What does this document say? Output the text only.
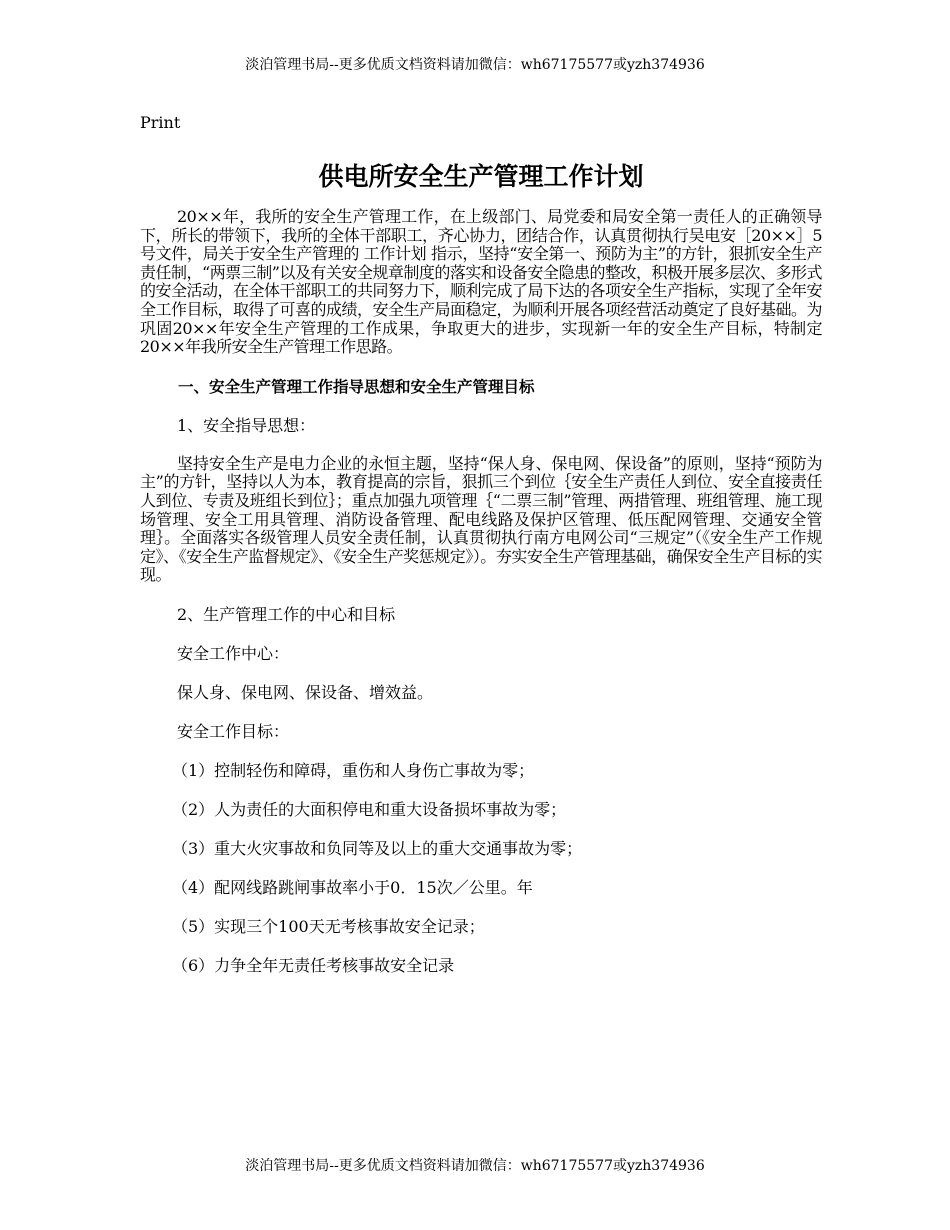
淡泊管理书局--更多优质文档资料请加微信：wh67175577或yzh374936
Print
供电所安全生产管理工作计划

20××年，我所的安全生产管理工作，在上级部门、局党委和局安全第一责任人的正确领导下，所长的带领下，我所的全体干部职工，齐心协力，团结合作，认真贯彻执行吴电安［20××］5号文件，局关于安全生产管理的 工作计划 指示，坚持“安全第一、预防为主”的方针，狠抓安全生产责任制，“两票三制”以及有关安全规章制度的落实和设备安全隐患的整改，积极开展多层次、多形式的安全活动，在全体干部职工的共同努力下，顺利完成了局下达的各项安全生产指标，实现了全年安全工作目标，取得了可喜的成绩，安全生产局面稳定，为顺利开展各项经营活动奠定了良好基础。为巩固20××年安全生产管理的工作成果，争取更大的进步，实现新一年的安全生产目标，特制定20××年我所安全生产管理工作思路。

一、安全生产管理工作指导思想和安全生产管理目标
1、安全指导思想：

坚持安全生产是电力企业的永恒主题，坚持“保人身、保电网、保设备”的原则，坚持“预防为主”的方针，坚持以人为本，教育提高的宗旨，狠抓三个到位｛安全生产责任人到位、安全直接责任人到位、专责及班组长到位｝；重点加强九项管理｛“二票三制”管理、两措管理、班组管理、施工现场管理、安全工用具管理、消防设备管理、配电线路及保护区管理、低压配网管理、交通安全管理｝。全面落实各级管理人员安全责任制，认真贯彻执行南方电网公司“三规定”（《安全生产工作规定》、《安全生产监督规定》、《安全生产奖惩规定》）。夯实安全生产管理基础，确保安全生产目标的实现。

2、生产管理工作的中心和目标
安全工作中心：
保人身、保电网、保设备、增效益。
安全工作目标：
（1）控制轻伤和障碍，重伤和人身伤亡事故为零；
（2）人为责任的大面积停电和重大设备损坏事故为零；
（3）重大火灾事故和负同等及以上的重大交通事故为零；
（4）配网线路跳闸事故率小于0．15次／公里。年
（5）实现三个100天无考核事故安全记录；
（6）力争全年无责任考核事故安全记录
淡泊管理书局--更多优质文档资料请加微信：wh67175577或yzh374936
